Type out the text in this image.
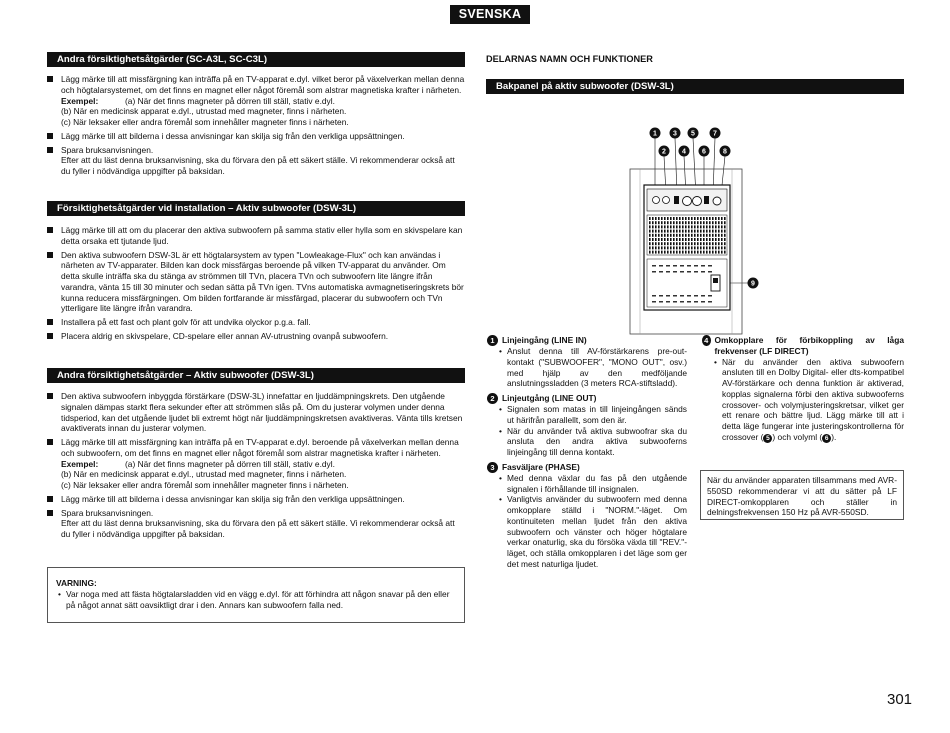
SVENSKA
Andra försiktighetsåtgärder (SC-A3L, SC-C3L)
Lägg märke till att missfärgning kan inträffa på en TV-apparat e.dyl. vilket beror på växelverkan mellan denna och högtalarsystemet, om det finns en magnet eller något föremål som alstrar magnetiska krafter i närheten.
Exempel:	(a) När det finns magneter på dörren till ställ, stativ e.dyl.
(b) När en medicinsk apparat e.dyl., utrustad med magneter, finns i närheten.
(c) När leksaker eller andra föremål som innehåller magneter finns i närheten.
Lägg märke till att bilderna i dessa anvisningar kan skilja sig från den verkliga uppsättningen.
Spara bruksanvisningen.
Efter att du läst denna bruksanvisning, ska du förvara den på ett säkert ställe. Vi rekommenderar också att du fyller i nödvändiga uppgifter på baksidan.
Försiktighetsåtgärder vid installation – Aktiv subwoofer (DSW-3L)
Lägg märke till att om du placerar den aktiva subwoofern på samma stativ eller hylla som en skivspelare kan detta orsaka ett tjutande ljud.
Den aktiva subwoofern DSW-3L är ett högtalarsystem av typen "Lowleakage-Flux" och kan användas i närheten av TV-apparater. Bilden kan dock missfärgas beroende på vilken TV-apparat du använder. Om detta skulle inträffa ska du stänga av strömmen till TVn, placera TVn och subwoofern lite längre ifrån varandra, vänta 15 till 30 minuter och sedan sätta på TVn igen. TVns automatiska avmagnetiseringskrets bör kunna reducera missfärgningen. Om bilden fortfarande är missfärgad, placerar du subwoofern och TVn ytterligare lite längre ifrån varandra.
Installera på ett fast och plant golv för att undvika olyckor p.g.a. fall.
Placera aldrig en skivspelare, CD-spelare eller annan AV-utrustning ovanpå subwoofern.
Andra försiktighetsåtgärder – Aktiv subwoofer (DSW-3L)
Den aktiva subwoofern inbyggda förstärkare (DSW-3L) innefattar en ljuddämpningskrets. Den utgående signalen dämpas starkt flera sekunder efter att strömmen slås på. Om du justerar volymen under denna tidsperiod, kan det utgående ljudet bli extremt högt när ljuddämpningskretsen avaktiveras. Vänta tills kretsen avaktiverats innan du justerar volymen.
Lägg märke till att missfärgning kan inträffa på en TV-apparat e.dyl. beroende på växelverkan mellan denna och subwoofern, om det finns en magnet eller något föremål som alstrar magnetiska krafter i närheten.
Exempel:	(a) När det finns magneter på dörren till ställ, stativ e.dyl.
(b) När en medicinsk apparat e.dyl., utrustad med magneter, finns i närheten.
(c) När leksaker eller andra föremål som innehåller magneter finns i närheten.
Lägg märke till att bilderna i dessa anvisningar kan skilja sig från den verkliga uppsättningen.
Spara bruksanvisningen.
Efter att du läst denna bruksanvisning, ska du förvara den på ett säkert ställe. Vi rekommenderar också att du fyller i nödvändiga uppgifter på baksidan.
VARNING:
• Var noga med att fästa högtalarsladden vid en vägg e.dyl. för att förhindra att någon snavar på den eller på något annat sätt oavsiktligt drar i den. Annars kan subwoofern falla ned.
DELARNAS NAMN OCH FUNKTIONER
Bakpanel på aktiv subwoofer (DSW-3L)
1 3 5	7
2 4 6 8
9
1 Linjeingång (LINE IN)
• Anslut denna till AV-förstärkarens pre-out-kontakt ("SUBWOOFER", "MONO OUT", osv.) med hjälp av den medföljande anslutningssladden (3 meters RCA-stiftsladd).
2 Linjeutgång (LINE OUT)
• Signalen som matas in till linjeingången sänds ut härifrån parallellt, som den är.
• När du använder två aktiva subwoofrar ska du ansluta den andra aktiva subwooferns linjeingång till denna kontakt.
3 Fasväljare (PHASE)
• Med denna växlar du fas på den utgående signalen i förhållande till insignalen.
• Vanligtvis använder du subwoofern med denna omkopplare ställd i "NORM."-läget. Om kontinuiteten mellan ljudet från den aktiva subwoofern och vänster och höger högtalare verkar onaturlig, ska du försöka växla till "REV."-läget, och ställa omkopplaren i det läge som ger det mest naturliga ljudet.
4 Omkopplare för förbikoppling av låga frekvenser (LF DIRECT)
• När du använder den aktiva subwoofern ansluten till en Dolby Digital- eller dts-kompatibel AV-förstärkare och denna funktion är aktiverad, kopplas signalerna förbi den aktiva subwooferns crossover- och volymjusteringskretsar, vilket ger ett renare och bättre ljud. Lägg märke till att i detta läge fungerar inte justeringskontrollerna för crossover ( 5 ) och volyml ( 6 ).
När du använder apparaten tillsammans med AVR-550SD rekommenderar vi att du sätter på LF DIRECT-omkopplaren och ställer in delningsfrekvensen 150 Hz på AVR-550SD.
301
